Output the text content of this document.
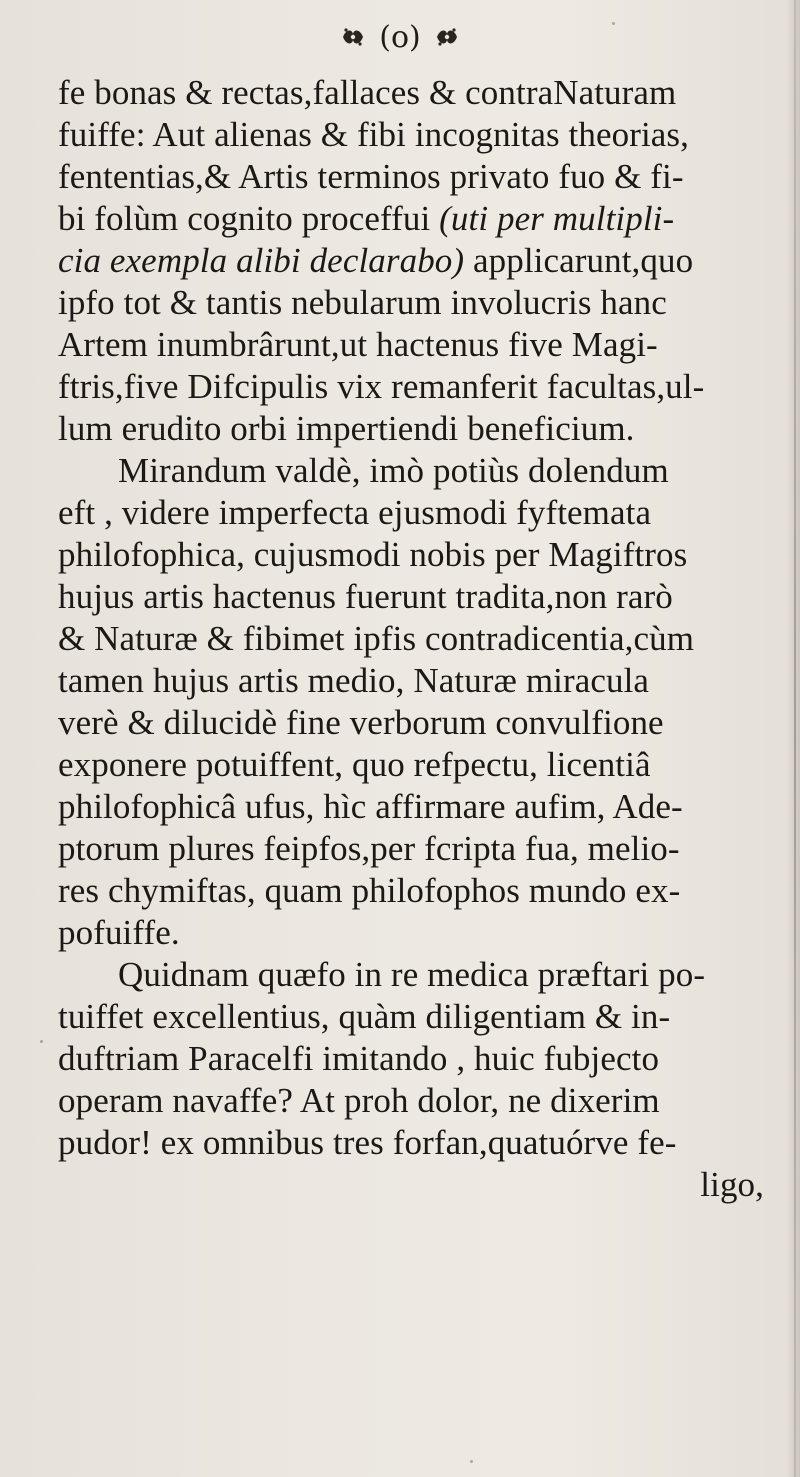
(o)
fe bonas & rectas,fallaces & contraNaturam
fuiffe: Aut alienas & fibi incognitas theorias,
fententias,& Artis terminos privato fuo & fi-
bi folùm cognito proceffui (uti per multipli-
cia exempla alibi declarabo) applicarunt,quo
ipfo tot & tantis nebularum involucris hanc
Artem inumbrârunt,ut hactenus five Magi-
ftris,five Difcipulis vix remanferit facultas,ul-
lum erudito orbi impertiendi beneficium.
Mirandum valdè, imò potiùs dolendum
eft , videre imperfecta ejusmodi fyftemata
philofophica, cujusmodi nobis per Magiftros
hujus artis hactenus fuerunt tradita,non rarò
& Naturæ & fibimet ipfis contradicentia,cùm
tamen hujus artis medio, Naturæ miracula
verè & dilucidè fine verborum convulfione
exponere potuiffent, quo refpectu, licentiâ
philofophicâ ufus, hìc affirmare aufim, Ade-
ptorum plures feipfos,per fcripta fua, melio-
res chymiftas, quam philofophos mundo ex-
pofuiffe.
Quidnam quæfo in re medica præftari po-
tuiffet excellentius, quàm diligentiam & in-
duftriam Paracelfi imitando , huic fubjecto
operam navaffe? At proh dolor, ne dixerim
pudor! ex omnibus tres forfan,quatuórve fe-
ligo,
